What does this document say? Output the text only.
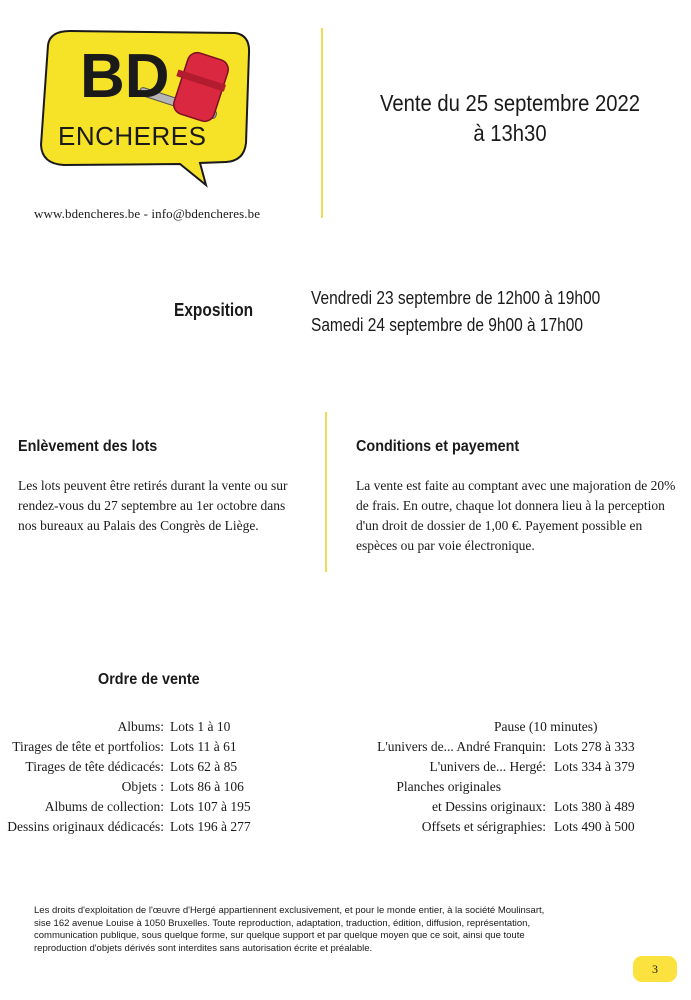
BD
ENCHERES
www.bdencheres.be - info@bdencheres.be
Vente du 25 septembre 2022
à 13h30
Exposition
Vendredi 23 septembre de 12h00 à 19h00
Samedi 24 septembre de 9h00 à 17h00
Enlèvement des lots
Les lots peuvent être retirés durant la vente ou sur
rendez-vous du 27 septembre au 1er octobre dans
nos bureaux au Palais des Congrès de Liège.
Conditions et payement
La vente est faite au comptant avec une majoration de 20%
de frais. En outre, chaque lot donnera lieu à la perception
d'un droit de dossier de 1,00 €. Payement possible en
espèces ou par voie électronique.
Ordre de vente
Albums: Lots 1 à 10
Tirages de tête et portfolios: Lots 11 à 61
Tirages de tête dédicacés: Lots 62 à 85
Objets : Lots 86 à 106
Albums de collection: Lots 107 à 195
Dessins originaux dédicacés: Lots 196 à 277
Pause (10 minutes)
L'univers de... André Franquin: Lots 278 à 333
L'univers de... Hergé: Lots 334 à 379
Planches originales
et Dessins originaux: Lots 380 à 489
Offsets et sérigraphies: Lots 490 à 500
Les droits d'exploitation de l'œuvre d'Hergé appartiennent exclusivement, et pour le monde entier, à la société Moulinsart, sise 162 avenue Louise à 1050 Bruxelles. Toute reproduction, adaptation, traduction, édition, diffusion, représentation, communication publique, sous quelque forme, sur quelque support et par quelque moyen que ce soit, ainsi que toute reproduction d'objets dérivés sont interdites sans autorisation écrite et préalable.
3
